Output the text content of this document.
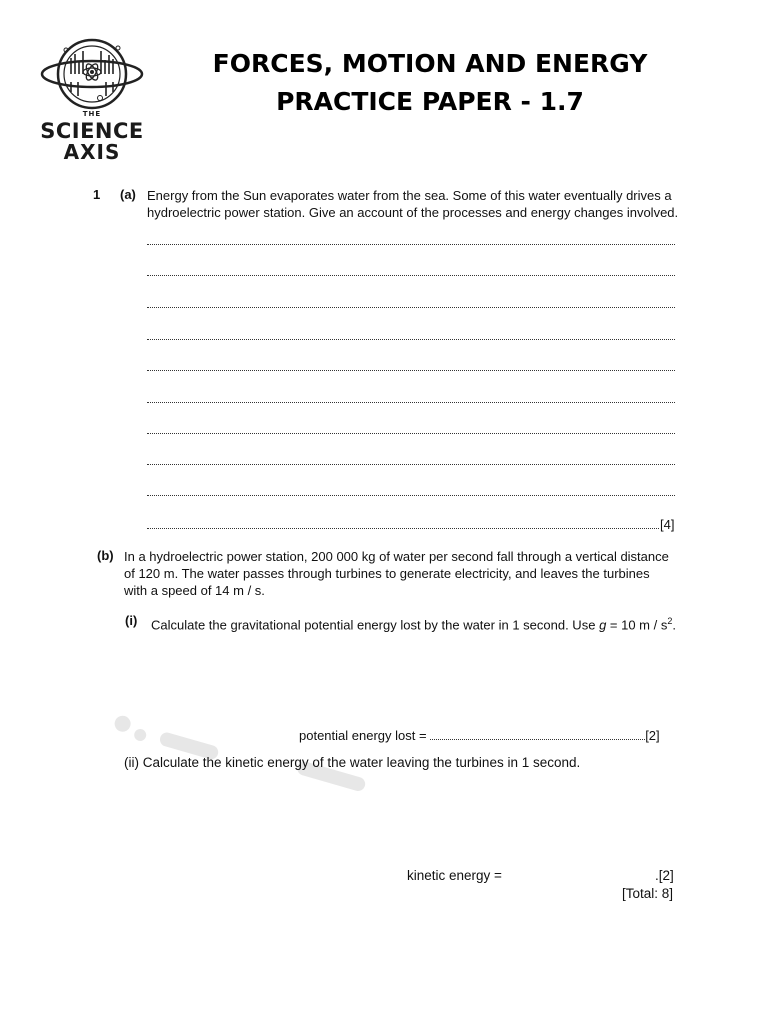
THE
SCIENCE
AXIS
FORCES, MOTION AND ENERGY
PRACTICE PAPER - 1.7
1 (a) Energy from the Sun evaporates water from the sea. Some of this water eventually drives a
hydroelectric power station. Give an account of the processes and energy changes involved.
[4]
(b) In a hydroelectric power station, 200 000 kg of water per second fall through a vertical distance
of 120 m. The water passes through turbines to generate electricity, and leaves the turbines
with a speed of 14 m / s.
(i) Calculate the gravitational potential energy lost by the water in 1 second. Use g = 10 m / $s^2$.
potential energy lost =	[2]
(ii) Calculate the kinetic energy of the water leaving the turbines in 1 second.
kinetic energy =	.[2]
[Total: 8]
